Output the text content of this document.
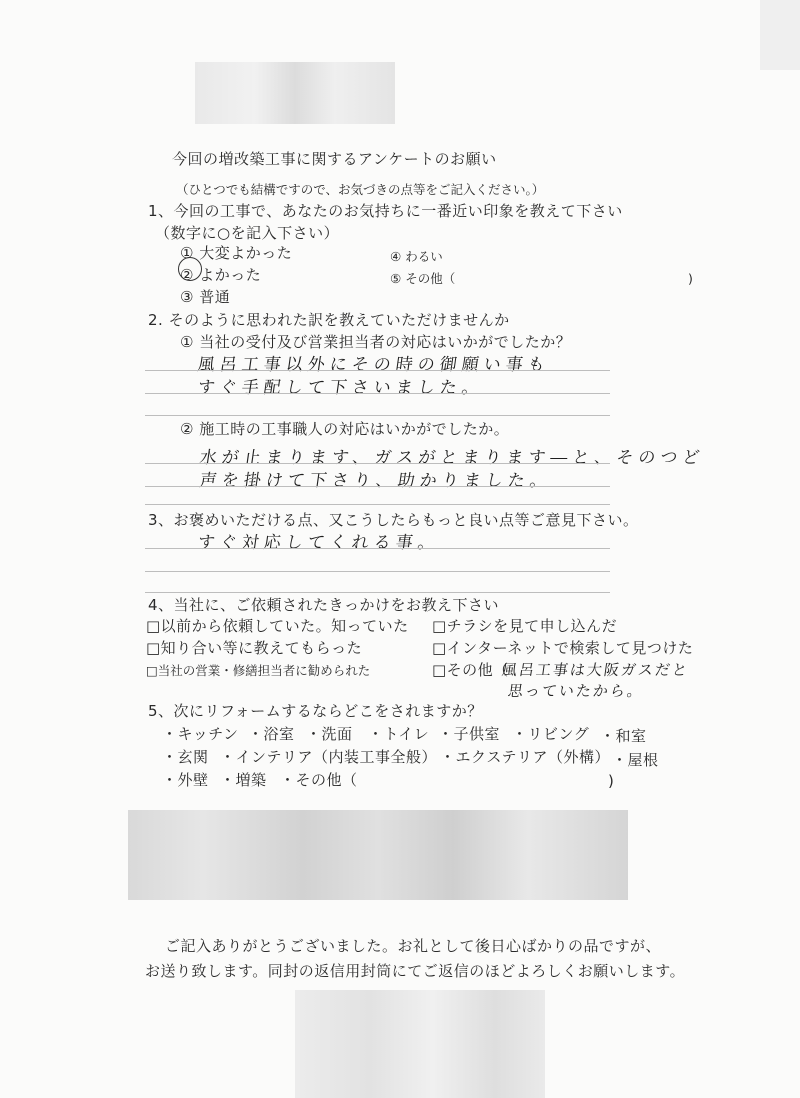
今回の増改築工事に関するアンケートのお願い
（ひとつでも結構ですので、お気づきの点等をご記入ください。）
1、今回の工事で、あなたのお気持ちに一番近い印象を教えて下さい
（数字に○を記入下さい）
① 大変よかった
② よかった
③ 普通
④ わるい
⑤ その他（	)
2. そのように思われた訳を教えていただけませんか
① 当社の受付及び営業担当者の対応はいかがでしたか？
風呂工事以外にその時の御願い事も
すぐ手配して下さいました。
② 施工時の工事職人の対応はいかがでしたか。
水が止まります、ガスがとまります―と、そのつど
声を掛けて下さり、助かりました。
3、お褒めいただける点、又こうしたらもっと良い点等ご意見下さい。
すぐ対応してくれる事。
4、当社に、ご依頼されたきっかけをお教え下さい
□以前から依頼していた。知っていた
□知り合い等に教えてもらった
□当社の営業・修繕担当者に勧められた
□チラシを見て申し込んだ
□インターネットで検索して見つけた
□その他（
風呂工事は大阪ガスだと
思っていたから。
5、次にリフォームするならどこをされますか？
・キッチン ・浴室 ・洗面 ・トイレ ・子供室 ・リビング ・和室
・玄関 ・インテリア（内装工事全般） ・エクステリア（外構） ・屋根
・外壁 ・増築 ・その他（	)
ご記入ありがとうございました。お礼として後日心ばかりの品ですが、
お送り致します。同封の返信用封筒にてご返信のほどよろしくお願いします。
